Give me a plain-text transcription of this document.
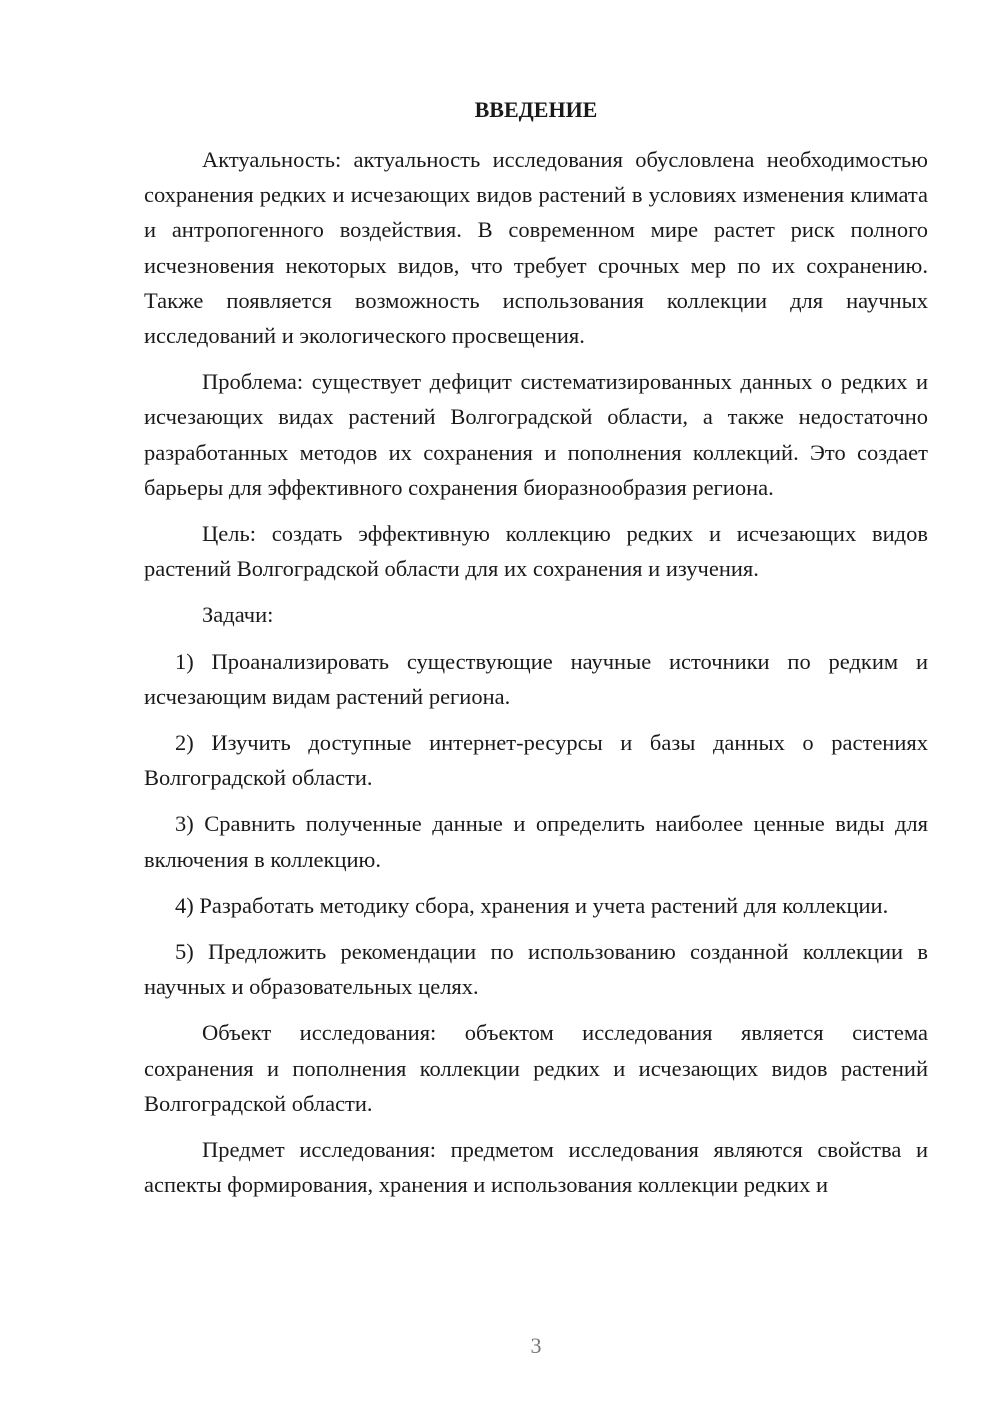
ВВЕДЕНИЕ

Актуальность: актуальность исследования обусловлена необходимостью сохранения редких и исчезающих видов растений в условиях изменения климата и антропогенного воздействия. В современном мире растет риск полного исчезновения некоторых видов, что требует срочных мер по их сохранению. Также появляется возможность использования коллекции для научных исследований и экологического просвещения.

Проблема: существует дефицит систематизированных данных о редких и исчезающих видах растений Волгоградской области, а также недостаточно разработанных методов их сохранения и пополнения коллекций. Это создает барьеры для эффективного сохранения биоразнообразия региона.

Цель: создать эффективную коллекцию редких и исчезающих видов растений Волгоградской области для их сохранения и изучения.

Задачи:

1) Проанализировать существующие научные источники по редким и исчезающим видам растений региона.

2) Изучить доступные интернет-ресурсы и базы данных о растениях Волгоградской области.

3) Сравнить полученные данные и определить наиболее ценные виды для включения в коллекцию.

4) Разработать методику сбора, хранения и учета растений для коллекции.

5) Предложить рекомендации по использованию созданной коллекции в научных и образовательных целях.

Объект исследования: объектом исследования является система сохранения и пополнения коллекции редких и исчезающих видов растений Волгоградской области.

Предмет исследования: предметом исследования являются свойства и аспекты формирования, хранения и использования коллекции редких и

3
